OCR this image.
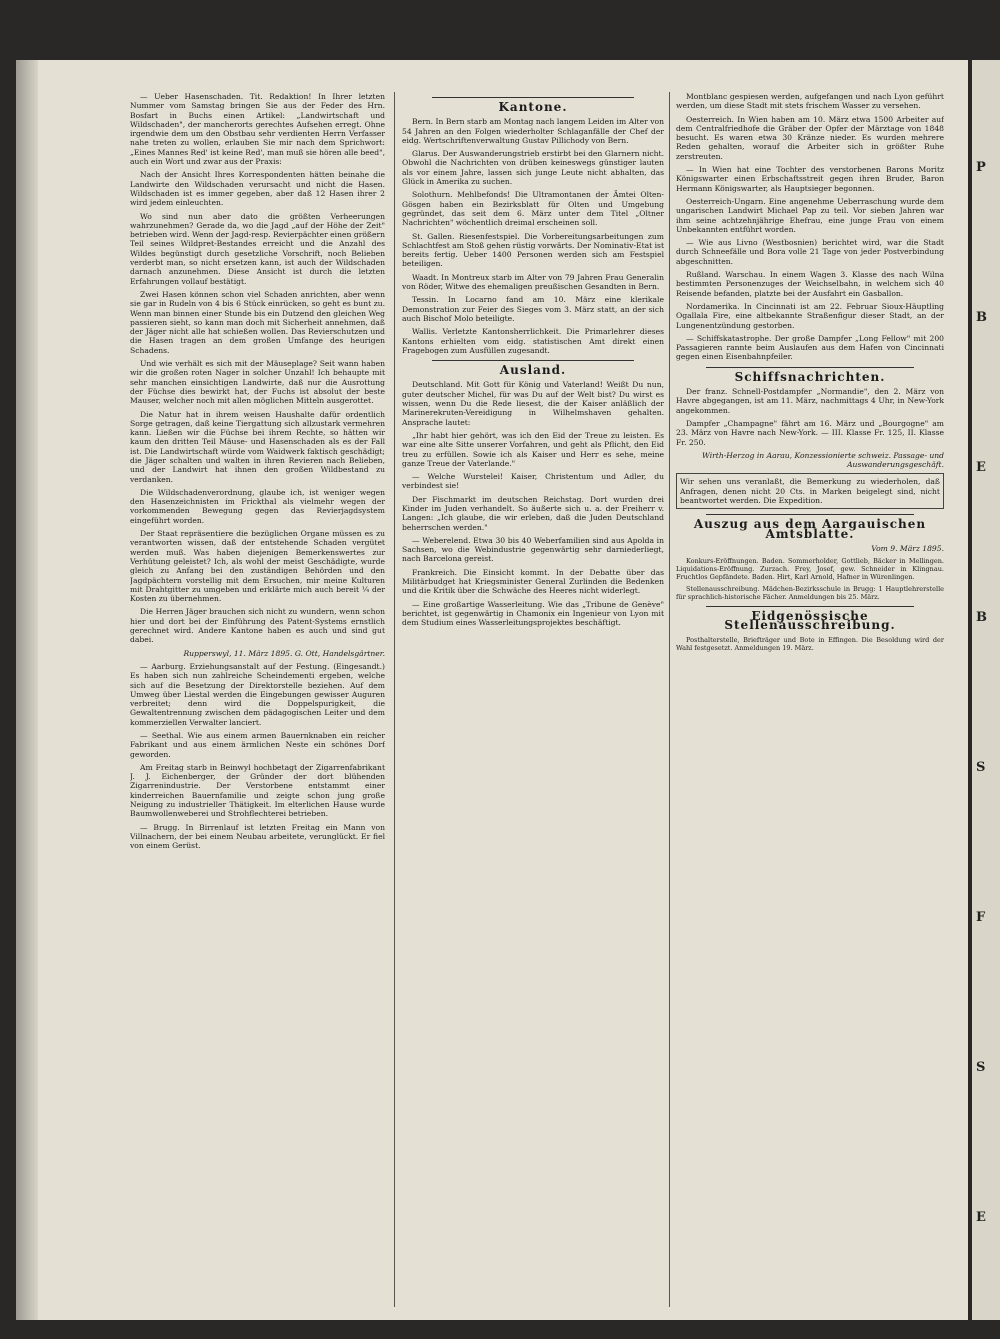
P
B
E
B
S
F
S
E

— Ueber Hasenschaden. Tit. Redaktion! In Ihrer letzten Nummer vom Samstag bringen Sie aus der Feder des Hrn. Bosfart in Buchs einen Artikel: „Landwirtschaft und Wildschaden", der mancherorts gerechtes Aufsehen erregt. Ohne irgendwie dem um den Obstbau sehr verdienten Herrn Verfasser nahe treten zu wollen, erlauben Sie mir nach dem Sprichwort: „Eines Mannes Red' ist keine Red', man muß sie hören alle beed", auch ein Wort und zwar aus der Praxis:

Nach der Ansicht Ihres Korrespondenten hätten beinahe die Landwirte den Wildschaden verursacht und nicht die Hasen. Wildschaden ist es immer gegeben, aber daß 12 Hasen ihrer 2 wird jedem einleuchten.

Wo sind nun aber dato die größten Verheerungen wahrzunehmen? Gerade da, wo die Jagd „auf der Höhe der Zeit" betrieben wird. Wenn der Jagd-resp. Revierpächter einen größern Teil seines Wildpret-Bestandes erreicht und die Anzahl des Wildes begünstigt durch gesetzliche Vorschrift, noch Belieben verderbt man, so nicht ersetzen kann, ist auch der Wildschaden darnach anzunehmen. Diese Ansicht ist durch die letzten Erfahrungen vollauf bestätigt.

Zwei Hasen können schon viel Schaden anrichten, aber wenn sie gar in Rudeln von 4 bis 6 Stück einrücken, so geht es bunt zu. Wenn man binnen einer Stunde bis ein Dutzend den gleichen Weg passieren sieht, so kann man doch mit Sicherheit annehmen, daß der Jäger nicht alle hat schießen wollen. Das Revierschutzen und die Hasen tragen an dem großen Umfange des heurigen Schadens.

Und wie verhält es sich mit der Mäuseplage? Seit wann haben wir die großen roten Nager in solcher Unzahl! Ich behaupte mit sehr manchen einsichtigen Landwirte, daß nur die Ausrottung der Füchse dies bewirkt hat, der Fuchs ist absolut der beste Mauser, welcher noch mit allen möglichen Mitteln ausgerottet.

Die Natur hat in ihrem weisen Haushalte dafür ordentlich Sorge getragen, daß keine Tiergattung sich allzustark vermehren kann. Ließen wir die Füchse bei ihrem Rechte, so hätten wir kaum den dritten Teil Mäuse- und Hasenschaden als es der Fall ist. Die Landwirtschaft würde vom Waidwerk faktisch geschädigt; die Jäger schalten und walten in ihren Revieren nach Belieben, und der Landwirt hat ihnen den großen Wildbestand zu verdanken.

Die Wildschadenverordnung, glaube ich, ist weniger wegen den Hasenzeichnisten im Frickthal als vielmehr wegen der vorkommenden Bewegung gegen das Revierjagdsystem eingeführt worden.

Der Staat repräsentiere die bezüglichen Organe müssen es zu verantworten wissen, daß der entstehende Schaden vergütet werden muß. Was haben diejenigen Bemerkenswertes zur Verhütung geleistet? Ich, als wohl der meist Geschädigte, wurde gleich zu Anfang bei den zuständigen Behörden und den Jagdpächtern vorstellig mit dem Ersuchen, mir meine Kulturen mit Drahtgitter zu umgeben und erklärte mich auch bereit ¼ der Kosten zu übernehmen.

Die Herren Jäger brauchen sich nicht zu wundern, wenn schon hier und dort bei der Einführung des Patent-Systems ernstlich gerechnet wird. Andere Kantone haben es auch und sind gut dabei.

Rupperswyl, 11. März 1895. G. Ott, Handelsgärtner.

— Aarburg. Erziehungsanstalt auf der Festung. (Eingesandt.) Es haben sich nun zahlreiche Scheindementi ergeben, welche sich auf die Besetzung der Direktorstelle beziehen. Auf dem Umweg über Liestal werden die Eingebungen gewisser Auguren verbreitet; denn wird die Doppelspurigkeit, die Gewaltentrennung zwischen dem pädagogischen Leiter und dem kommerziellen Verwalter lanciert.

— Seethal. Wie aus einem armen Bauernknaben ein reicher Fabrikant und aus einem ärmlichen Neste ein schönes Dorf geworden.

Am Freitag starb in Beinwyl hochbetagt der Zigarrenfabrikant J. J. Eichenberger, der Gründer der dort blühenden Zigarrenindustrie. Der Verstorbene entstammt einer kinderreichen Bauernfamilie und zeigte schon jung große Neigung zu industrieller Thätigkeit. Im elterlichen Hause wurde Baumwollenweberei und Strohflechterei betrieben.

— Brugg. In Birrenlauf ist letzten Freitag ein Mann von Villnachern, der bei einem Neubau arbeitete, verunglückt. Er fiel von einem Gerüst.

Kantone.

Bern. In Bern starb am Montag nach langem Leiden im Alter von 54 Jahren an den Folgen wiederholter Schlaganfälle der Chef der eidg. Wertschriftenverwaltung Gustav Pillichody von Bern.

Glarus. Der Auswanderungstrieb erstirbt bei den Glarnern nicht. Obwohl die Nachrichten von drüben keineswegs günstiger lauten als vor einem Jahre, lassen sich junge Leute nicht abhalten, das Glück in Amerika zu suchen.

Solothurn. Mehlbefonds! Die Ultramontanen der Ämtei Olten-Gösgen haben ein Bezirksblatt für Olten und Umgebung gegründet, das seit dem 6. März unter dem Titel „Oltner Nachrichten" wöchentlich dreimal erscheinen soll.

St. Gallen. Riesenfestspiel. Die Vorbereitungsarbeitungen zum Schlachtfest am Stoß gehen rüstig vorwärts. Der Nominativ-Etat ist bereits fertig. Ueber 1400 Personen werden sich am Festspiel beteiligen.

Waadt. In Montreux starb im Alter von 79 Jahren Frau Generalin von Röder, Witwe des ehemaligen preußischen Gesandten in Bern.

Tessin. In Locarno fand am 10. März eine klerikale Demonstration zur Feier des Sieges vom 3. März statt, an der sich auch Bischof Molo beteiligte.

Wallis. Verletzte Kantonsherrlichkeit. Die Primarlehrer dieses Kantons erhielten vom eidg. statistischen Amt direkt einen Fragebogen zum Ausfüllen zugesandt.

Ausland.

Deutschland. Mit Gott für König und Vaterland! Weißt Du nun, guter deutscher Michel, für was Du auf der Welt bist? Du wirst es wissen, wenn Du die Rede liesest, die der Kaiser anläßlich der Marinerekruten-Vereidigung in Wilhelmshaven gehalten. Ansprache lautet:

„Ihr habt hier gehört, was ich den Eid der Treue zu leisten. Es war eine alte Sitte unserer Vorfahren, und geht als Pflicht, den Eid treu zu erfüllen. Sowie ich als Kaiser und Herr es sehe, meine ganze Treue der Vaterlande."

— Welche Wurstelei! Kaiser, Christentum und Adler, du verbindest sie!

Der Fischmarkt im deutschen Reichstag. Dort wurden drei Kinder im Juden verhandelt. So äußerte sich u. a. der Freiherr v. Langen: „Ich glaube, die wir erleben, daß die Juden Deutschland beherrschen werden."

— Weberelend. Etwa 30 bis 40 Weberfamilien sind aus Apolda in Sachsen, wo die Webindustrie gegenwärtig sehr darniederliegt, nach Barcelona gereist.

Frankreich. Die Einsicht kommt. In der Debatte über das Militärbudget hat Kriegsminister General Zurlinden die Bedenken und die Kritik über die Schwäche des Heeres nicht widerlegt.

— Eine großartige Wasserleitung. Wie das „Tribune de Genève" berichtet, ist gegenwärtig in Chamonix ein Ingenieur von Lyon mit dem Studium eines Wasserleitungsprojektes beschäftigt.

Montblanc gespiesen werden, aufgefangen und nach Lyon geführt werden, um diese Stadt mit stets frischem Wasser zu versehen.

Oesterreich. In Wien haben am 10. März etwa 1500 Arbeiter auf dem Centralfriedhofe die Gräber der Opfer der Märztage von 1848 besucht. Es waren etwa 30 Kränze nieder. Es wurden mehrere Reden gehalten, worauf die Arbeiter sich in größter Ruhe zerstreuten.

— In Wien hat eine Tochter des verstorbenen Barons Moritz Königswarter einen Erbschaftsstreit gegen ihren Bruder, Baron Hermann Königswarter, als Hauptsieger begonnen.

Oesterreich-Ungarn. Eine angenehme Ueberraschung wurde dem ungarischen Landwirt Michael Pap zu teil. Vor sieben Jahren war ihm seine achtzehnjährige Ehefrau, eine junge Frau von einem Unbekannten entführt worden.

— Wie aus Livno (Westbosnien) berichtet wird, war die Stadt durch Schneefälle und Bora volle 21 Tage von jeder Postverbindung abgeschnitten.

Rußland. Warschau. In einem Wagen 3. Klasse des nach Wilna bestimmten Personenzuges der Weichselbahn, in welchem sich 40 Reisende befanden, platzte bei der Ausfahrt ein Gasballon.

Nordamerika. In Cincinnati ist am 22. Februar Sioux-Häuptling Ogallala Fire, eine altbekannte Straßenfigur dieser Stadt, an der Lungenentzündung gestorben.

— Schiffskatastrophe. Der große Dampfer „Long Fellow" mit 200 Passagieren rannte beim Auslaufen aus dem Hafen von Cincinnati gegen einen Eisenbahnpfeiler.

Schiffsnachrichten.

Der franz. Schnell-Postdampfer „Normandie", den 2. März von Havre abgegangen, ist am 11. März, nachmittags 4 Uhr, in New-York angekommen.

Dampfer „Champagne" fährt am 16. März und „Bourgogne" am 23. März von Havre nach New-York. — III. Klasse Fr. 125, II. Klasse Fr. 250.

Wirth-Herzog in Aarau, Konzessionierte schweiz. Passage- und Auswanderungsgeschäft.
Wir sehen uns veranlaßt, die Bemerkung zu wiederholen, daß Anfragen, denen nicht 20 Cts. in Marken beigelegt sind, nicht beantwortet werden. Die Expedition.
Auszug aus dem Aargauischen Amtsblatte.
Vom 9. März 1895.

Konkurs-Eröffnungen. Baden. Sommerholder, Gottlieb, Bäcker in Mellingen. Liquidations-Eröffnung. Zurzach. Frey, Josef, gew. Schneider in Klingnau. Fruchtlos Gepfändete. Baden. Hirt, Karl Arnold, Hafner in Würenlingen.

Stellenausschreibung. Mädchen-Bezirksschule in Brugg: 1 Hauptlehrerstelle für sprachlich-historische Fächer. Anmeldungen bis 25. März.

Eidgenössische Stellenausschreibung.

Posthalterstelle, Briefträger und Bote in Effingen. Die Besoldung wird der Wahl festgesetzt. Anmeldungen 19. März.
